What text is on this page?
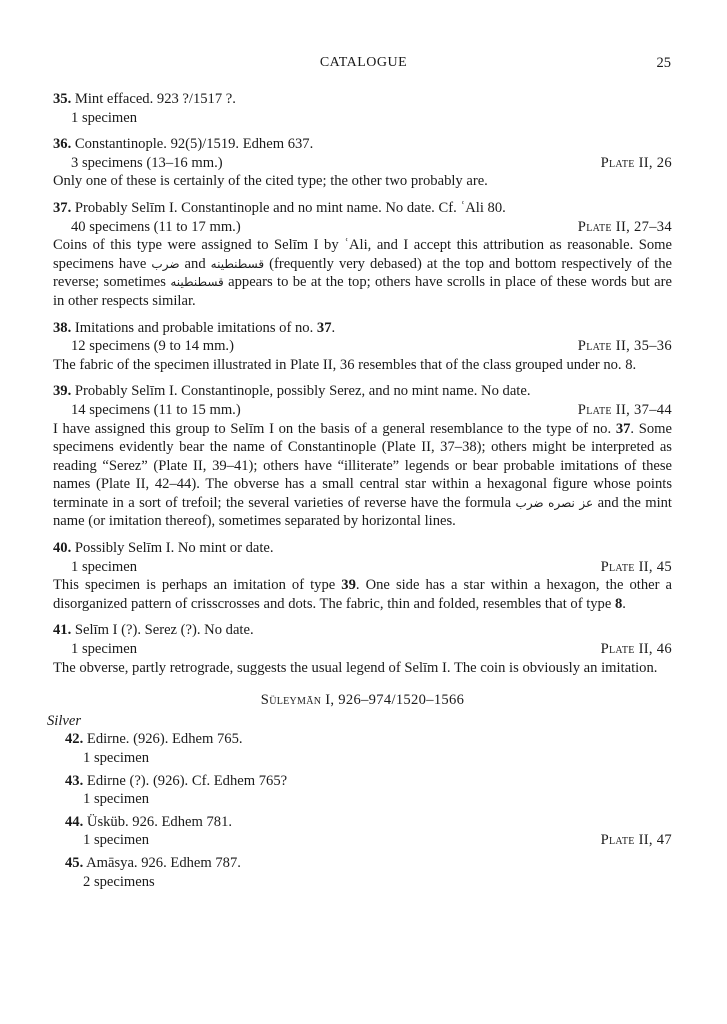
CATALOGUE	25
35. Mint effaced. 923 ?/1517 ?.
1 specimen
36. Constantinople. 92(5)/1519. Edhem 637.
3 specimens (13–16 mm.)	Plate II, 26
Only one of these is certainly of the cited type; the other two probably are.
37. Probably Selīm I. Constantinople and no mint name. No date. Cf. ʿAli 80.
40 specimens (11 to 17 mm.)	Plate II, 27–34
Coins of this type were assigned to Selīm I by ʿAli, and I accept this attribution as reasonable. Some specimens have ضرب and قسطنطينه (frequently very debased) at the top and bottom respectively of the reverse; sometimes قسطنطينه appears to be at the top; others have scrolls in place of these words but are in other respects similar.
38. Imitations and probable imitations of no. 37.
12 specimens (9 to 14 mm.)	Plate II, 35–36
The fabric of the specimen illustrated in Plate II, 36 resembles that of the class grouped under no. 8.
39. Probably Selīm I. Constantinople, possibly Serez, and no mint name. No date.
14 specimens (11 to 15 mm.)	Plate II, 37–44
I have assigned this group to Selīm I on the basis of a general resemblance to the type of no. 37. Some specimens evidently bear the name of Constantinople (Plate II, 37–38); others might be interpreted as reading “Serez” (Plate II, 39–41); others have “illiterate” legends or bear probable imitations of these names (Plate II, 42–44). The obverse has a small central star within a hexagonal figure whose points terminate in a sort of trefoil; the several varieties of reverse have the formula عز نصره ضرب and the mint name (or imitation thereof), sometimes separated by horizontal lines.
40. Possibly Selīm I. No mint or date.
1 specimen	Plate II, 45
This specimen is perhaps an imitation of type 39. One side has a star within a hexagon, the other a disorganized pattern of crisscrosses and dots. The fabric, thin and folded, resembles that of type 8.
41. Selīm I (?). Serez (?). No date.
1 specimen	Plate II, 46
The obverse, partly retrograde, suggests the usual legend of Selīm I. The coin is obviously an imitation.
Süleymān I, 926–974/1520–1566
Silver
42. Edirne. (926). Edhem 765.
1 specimen
43. Edirne (?). (926). Cf. Edhem 765?
1 specimen
44. Üsküb. 926. Edhem 781.
1 specimen	Plate II, 47
45. Amāsya. 926. Edhem 787.
2 specimens
